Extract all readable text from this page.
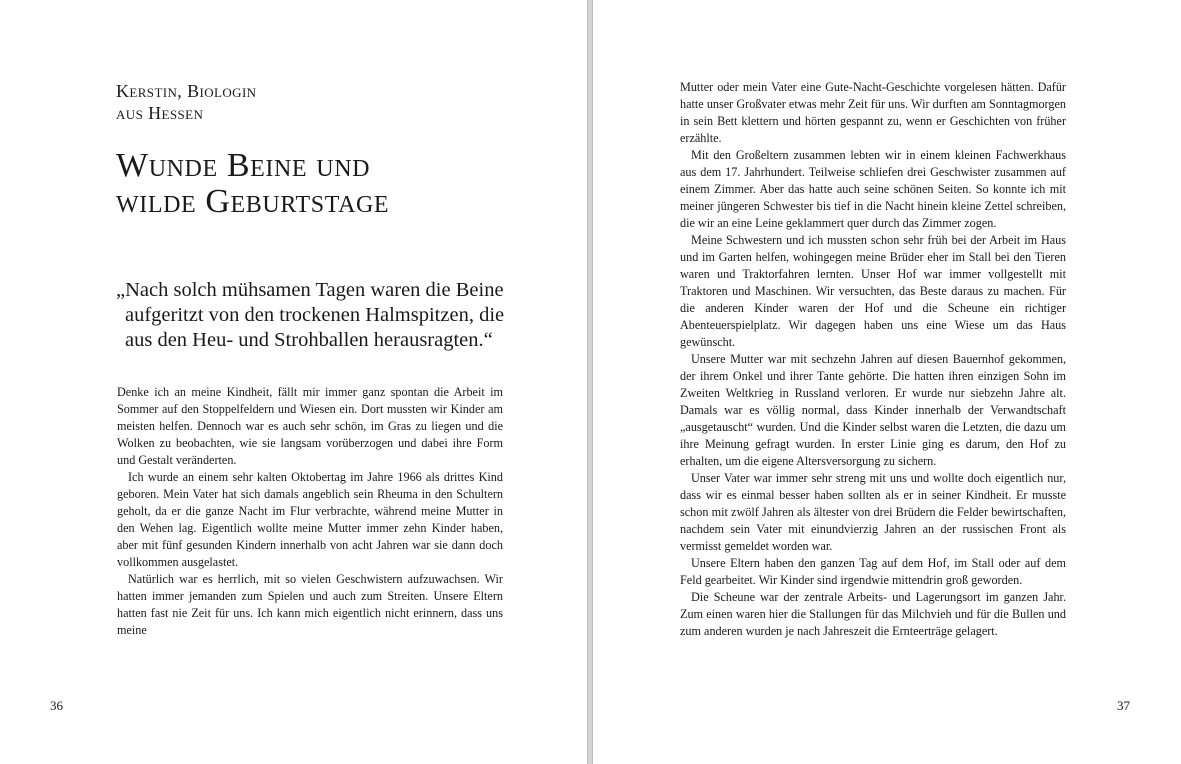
Kerstin, Biologin
aus Hessen
Wunde Beine und
wilde Geburtstage
„Nach solch mühsamen Tagen waren die Beine
aufgeritzt von den trockenen Halmspitzen, die
aus den Heu- und Strohballen herausragten.“

Denke ich an meine Kindheit, fällt mir immer ganz spontan die Arbeit im Sommer auf den Stoppelfeldern und Wiesen ein. Dort mussten wir Kinder am meisten helfen. Dennoch war es auch sehr schön, im Gras zu liegen und die Wolken zu beobachten, wie sie langsam vorüberzogen und dabei ihre Form und Gestalt veränderten.

Ich wurde an einem sehr kalten Oktobertag im Jahre 1966 als drittes Kind geboren. Mein Vater hat sich damals angeblich sein Rheuma in den Schultern geholt, da er die ganze Nacht im Flur verbrachte, während meine Mutter in den Wehen lag. Eigentlich wollte meine Mutter immer zehn Kinder haben, aber mit fünf gesunden Kindern innerhalb von acht Jahren war sie dann doch vollkommen ausgelastet.

Natürlich war es herrlich, mit so vielen Geschwistern aufzuwachsen. Wir hatten immer jemanden zum Spielen und auch zum Streiten. Unsere Eltern hatten fast nie Zeit für uns. Ich kann mich eigentlich nicht erinnern, dass uns meine

Mutter oder mein Vater eine Gute-Nacht-Geschichte vorgelesen hätten. Dafür hatte unser Großvater etwas mehr Zeit für uns. Wir durften am Sonntagmorgen in sein Bett klettern und hörten gespannt zu, wenn er Geschichten von früher erzählte.

Mit den Großeltern zusammen lebten wir in einem kleinen Fachwerkhaus aus dem 17. Jahrhundert. Teilweise schliefen drei Geschwister zusammen auf einem Zimmer. Aber das hatte auch seine schönen Seiten. So konnte ich mit meiner jüngeren Schwester bis tief in die Nacht hinein kleine Zettel schreiben, die wir an eine Leine geklammert quer durch das Zimmer zogen.

Meine Schwestern und ich mussten schon sehr früh bei der Arbeit im Haus und im Garten helfen, wohingegen meine Brüder eher im Stall bei den Tieren waren und Traktorfahren lernten. Unser Hof war immer vollgestellt mit Traktoren und Maschinen. Wir versuchten, das Beste daraus zu machen. Für die anderen Kinder waren der Hof und die Scheune ein richtiger Abenteuerspielplatz. Wir dagegen haben uns eine Wiese um das Haus gewünscht.

Unsere Mutter war mit sechzehn Jahren auf diesen Bauernhof gekommen, der ihrem Onkel und ihrer Tante gehörte. Die hatten ihren einzigen Sohn im Zweiten Weltkrieg in Russland verloren. Er wurde nur siebzehn Jahre alt. Damals war es völlig normal, dass Kinder innerhalb der Verwandtschaft „ausgetauscht“ wurden. Und die Kinder selbst waren die Letzten, die dazu um ihre Meinung gefragt wurden. In erster Linie ging es darum, den Hof zu erhalten, um die eigene Altersversorgung zu sichern.

Unser Vater war immer sehr streng mit uns und wollte doch eigentlich nur, dass wir es einmal besser haben sollten als er in seiner Kindheit. Er musste schon mit zwölf Jahren als ältester von drei Brüdern die Felder bewirtschaften, nachdem sein Vater mit einundvierzig Jahren an der russischen Front als vermisst gemeldet worden war.

Unsere Eltern haben den ganzen Tag auf dem Hof, im Stall oder auf dem Feld gearbeitet. Wir Kinder sind irgendwie mittendrin groß geworden.

Die Scheune war der zentrale Arbeits- und Lagerungsort im ganzen Jahr. Zum einen waren hier die Stallungen für das Milchvieh und für die Bullen und zum anderen wurden je nach Jahreszeit die Ernteerträge gelagert.

36	37
